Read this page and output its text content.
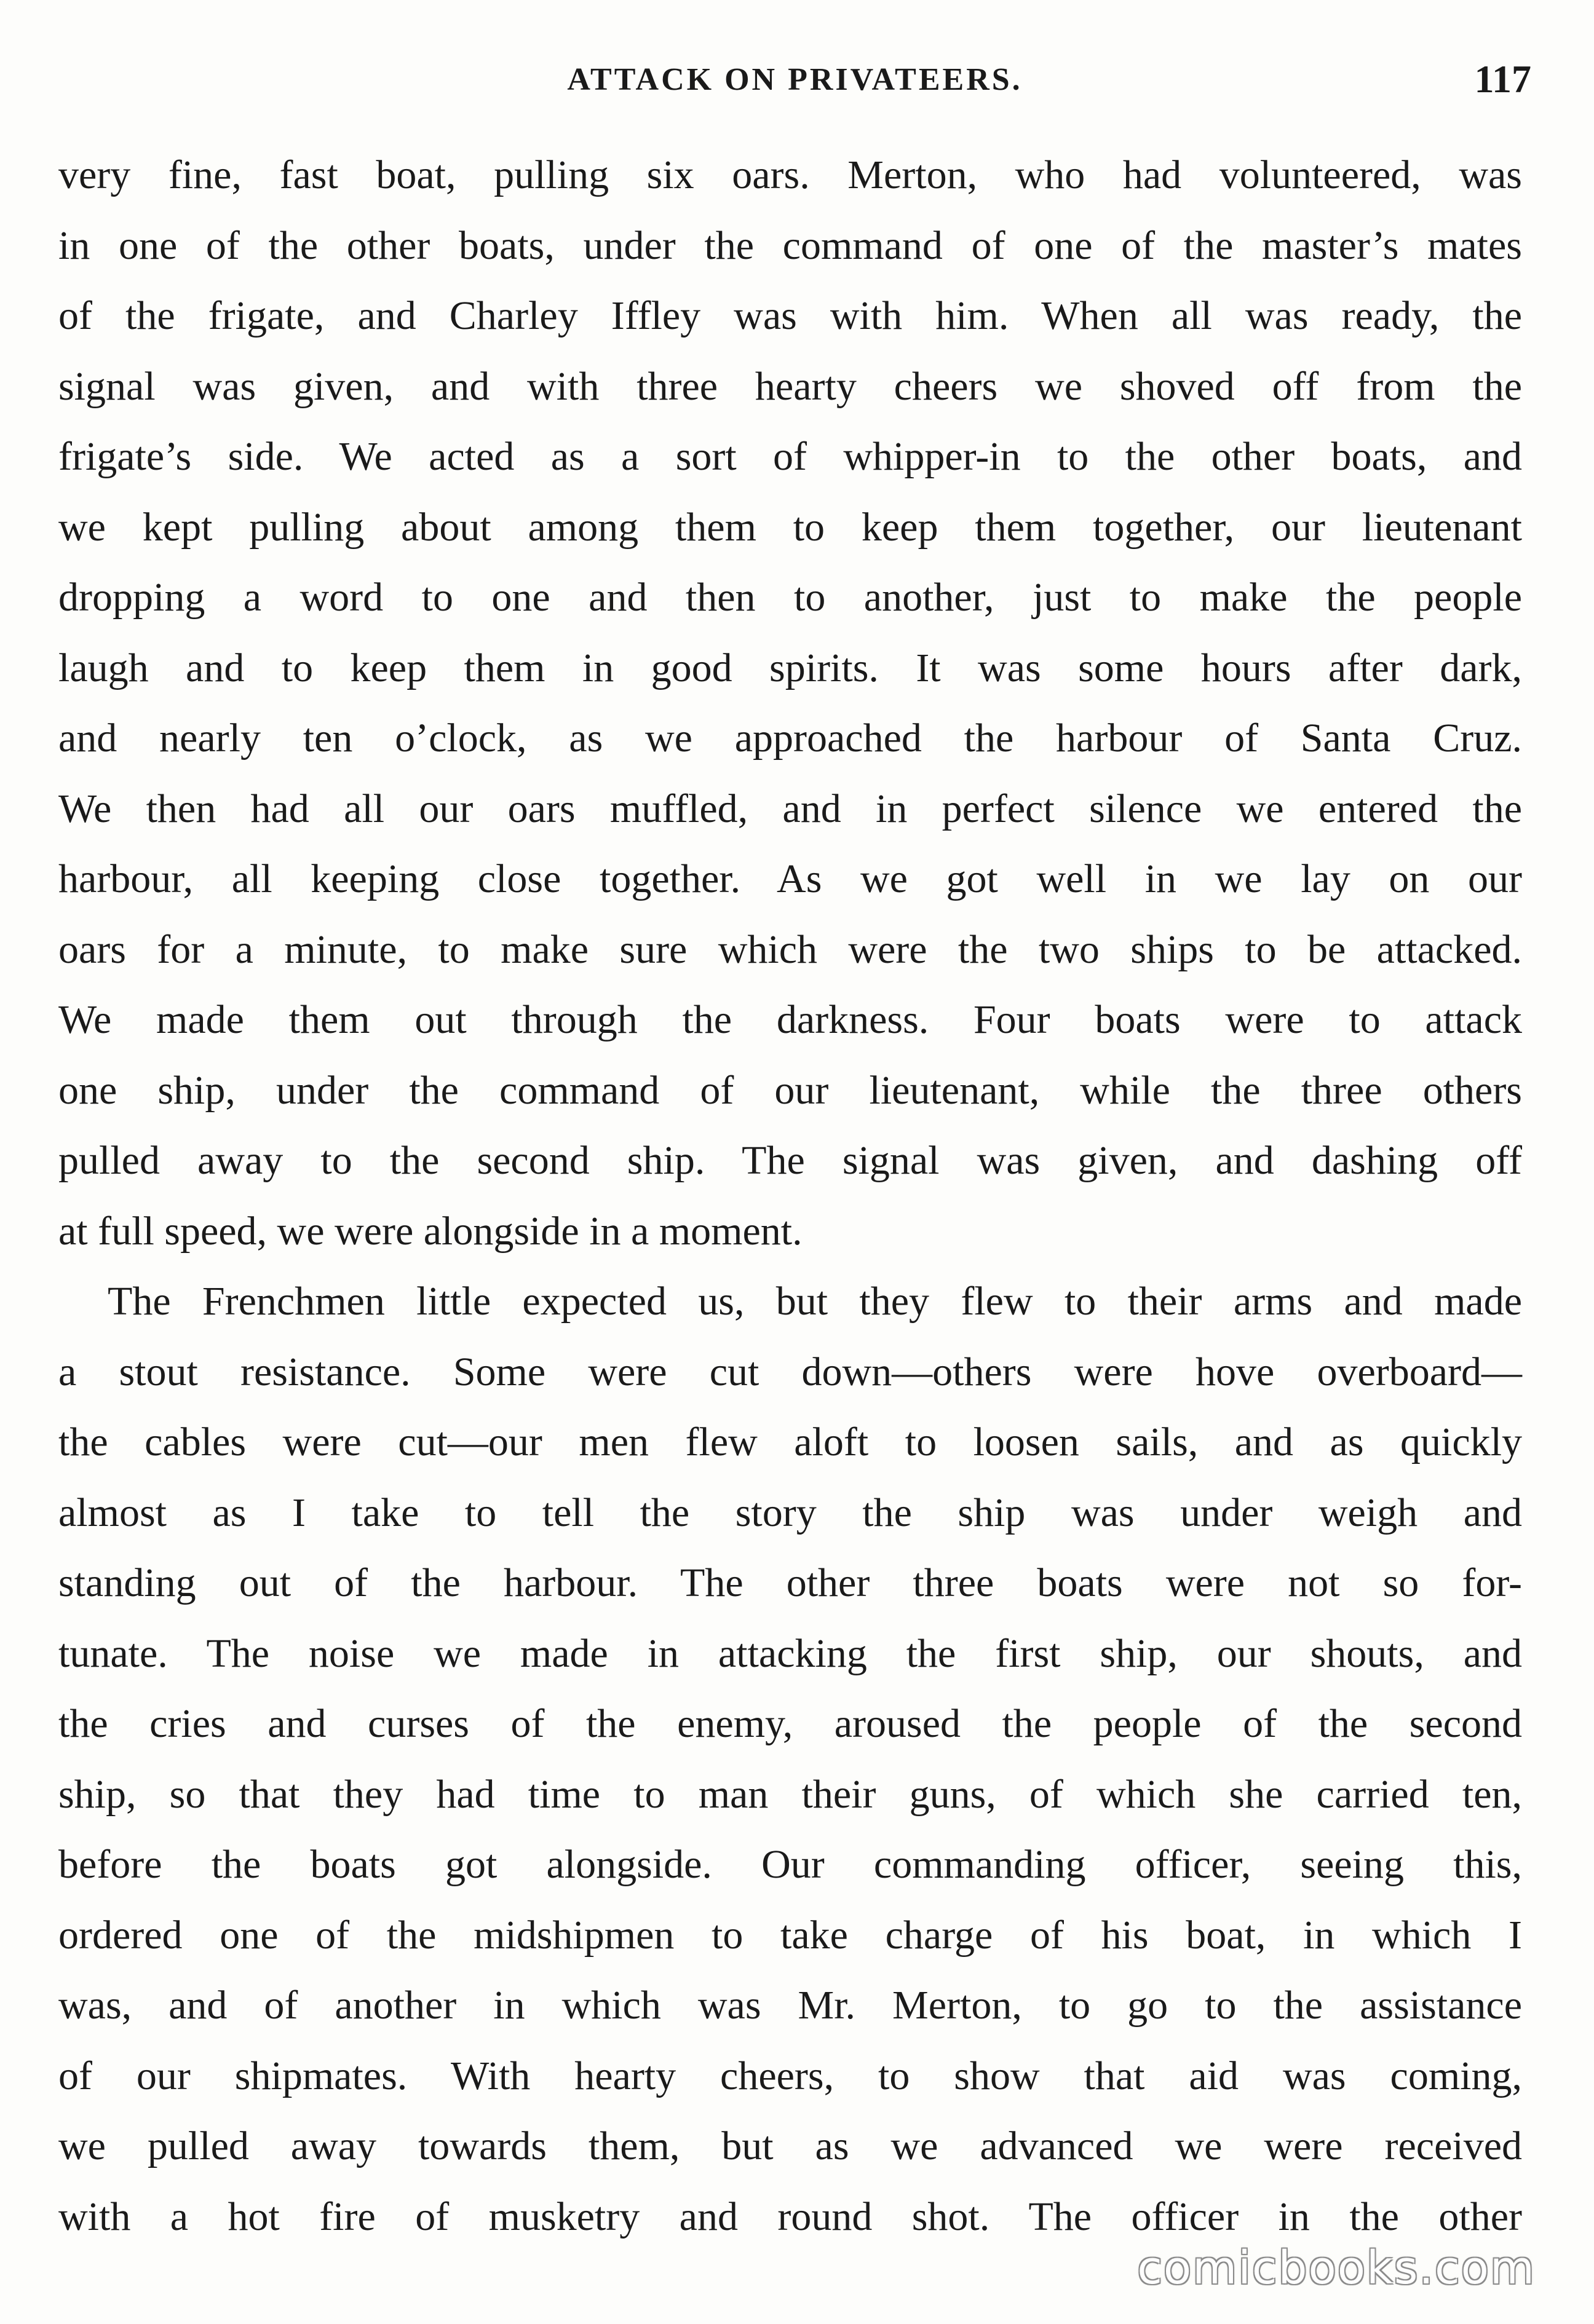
ATTACK ON PRIVATEERS.	117
very fine, fast boat, pulling six oars. Merton, who had volunteered, was
in one of the other boats, under the command of one of the master’s mates
of the frigate, and Charley Iffley was with him. When all was ready, the
signal was given, and with three hearty cheers we shoved off from the
frigate’s side. We acted as a sort of whipper-in to the other boats, and
we kept pulling about among them to keep them together, our lieutenant
dropping a word to one and then to another, just to make the people
laugh and to keep them in good spirits. It was some hours after dark,
and nearly ten o’clock, as we approached the harbour of Santa Cruz.
We then had all our oars muffled, and in perfect silence we entered the
harbour, all keeping close together. As we got well in we lay on our
oars for a minute, to make sure which were the two ships to be attacked.
We made them out through the darkness. Four boats were to attack
one ship, under the command of our lieutenant, while the three others
pulled away to the second ship. The signal was given, and dashing off
at full speed, we were alongside in a moment.
The Frenchmen little expected us, but they flew to their arms and made
a stout resistance. Some were cut down—others were hove overboard—
the cables were cut—our men flew aloft to loosen sails, and as quickly
almost as I take to tell the story the ship was under weigh and
standing out of the harbour. The other three boats were not so for-
tunate. The noise we made in attacking the first ship, our shouts, and
the cries and curses of the enemy, aroused the people of the second
ship, so that they had time to man their guns, of which she carried ten,
before the boats got alongside. Our commanding officer, seeing this,
ordered one of the midshipmen to take charge of his boat, in which I
was, and of another in which was Mr. Merton, to go to the assistance
of our shipmates. With hearty cheers, to show that aid was coming,
we pulled away towards them, but as we advanced we were received
with a hot fire of musketry and round shot. The officer in the other
comicbooks.com
